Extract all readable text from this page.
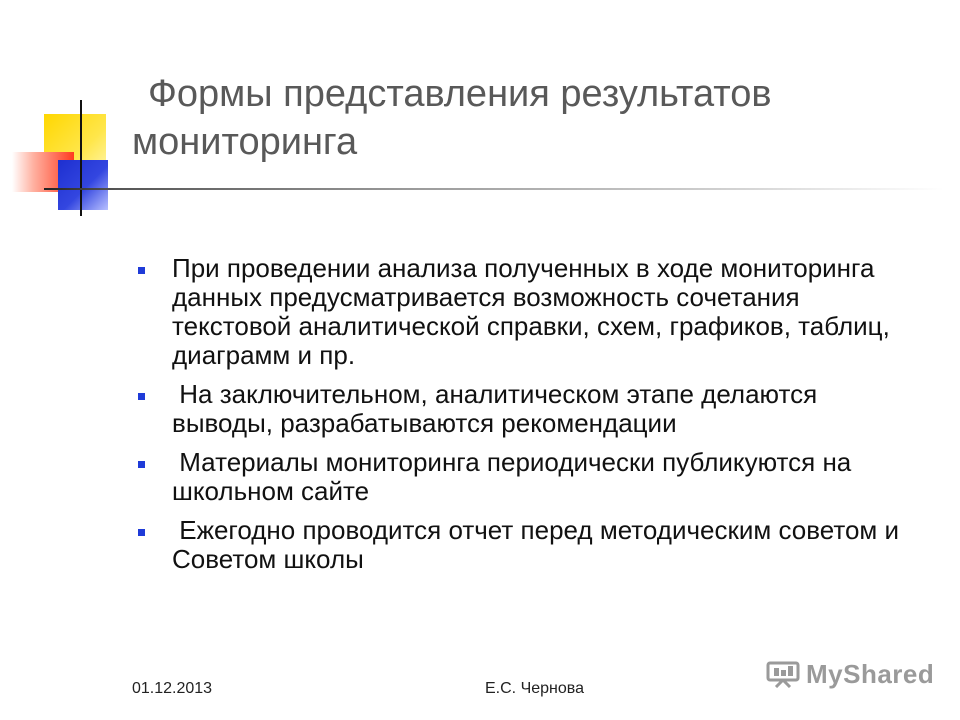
Формы представления результатов
мониторинга
При проведении анализа полученных в ходе мониторинга данных предусматривается возможность сочетания текстовой аналитической справки, схем, графиков, таблиц, диаграмм и пр.
На заключительном, аналитическом этапе делаются выводы, разрабатываются рекомендации
Материалы мониторинга периодически публикуются на школьном сайте
Ежегодно проводится отчет перед методическим советом и Советом школы
01.12.2013	Е.С. Чернова	MyShared
